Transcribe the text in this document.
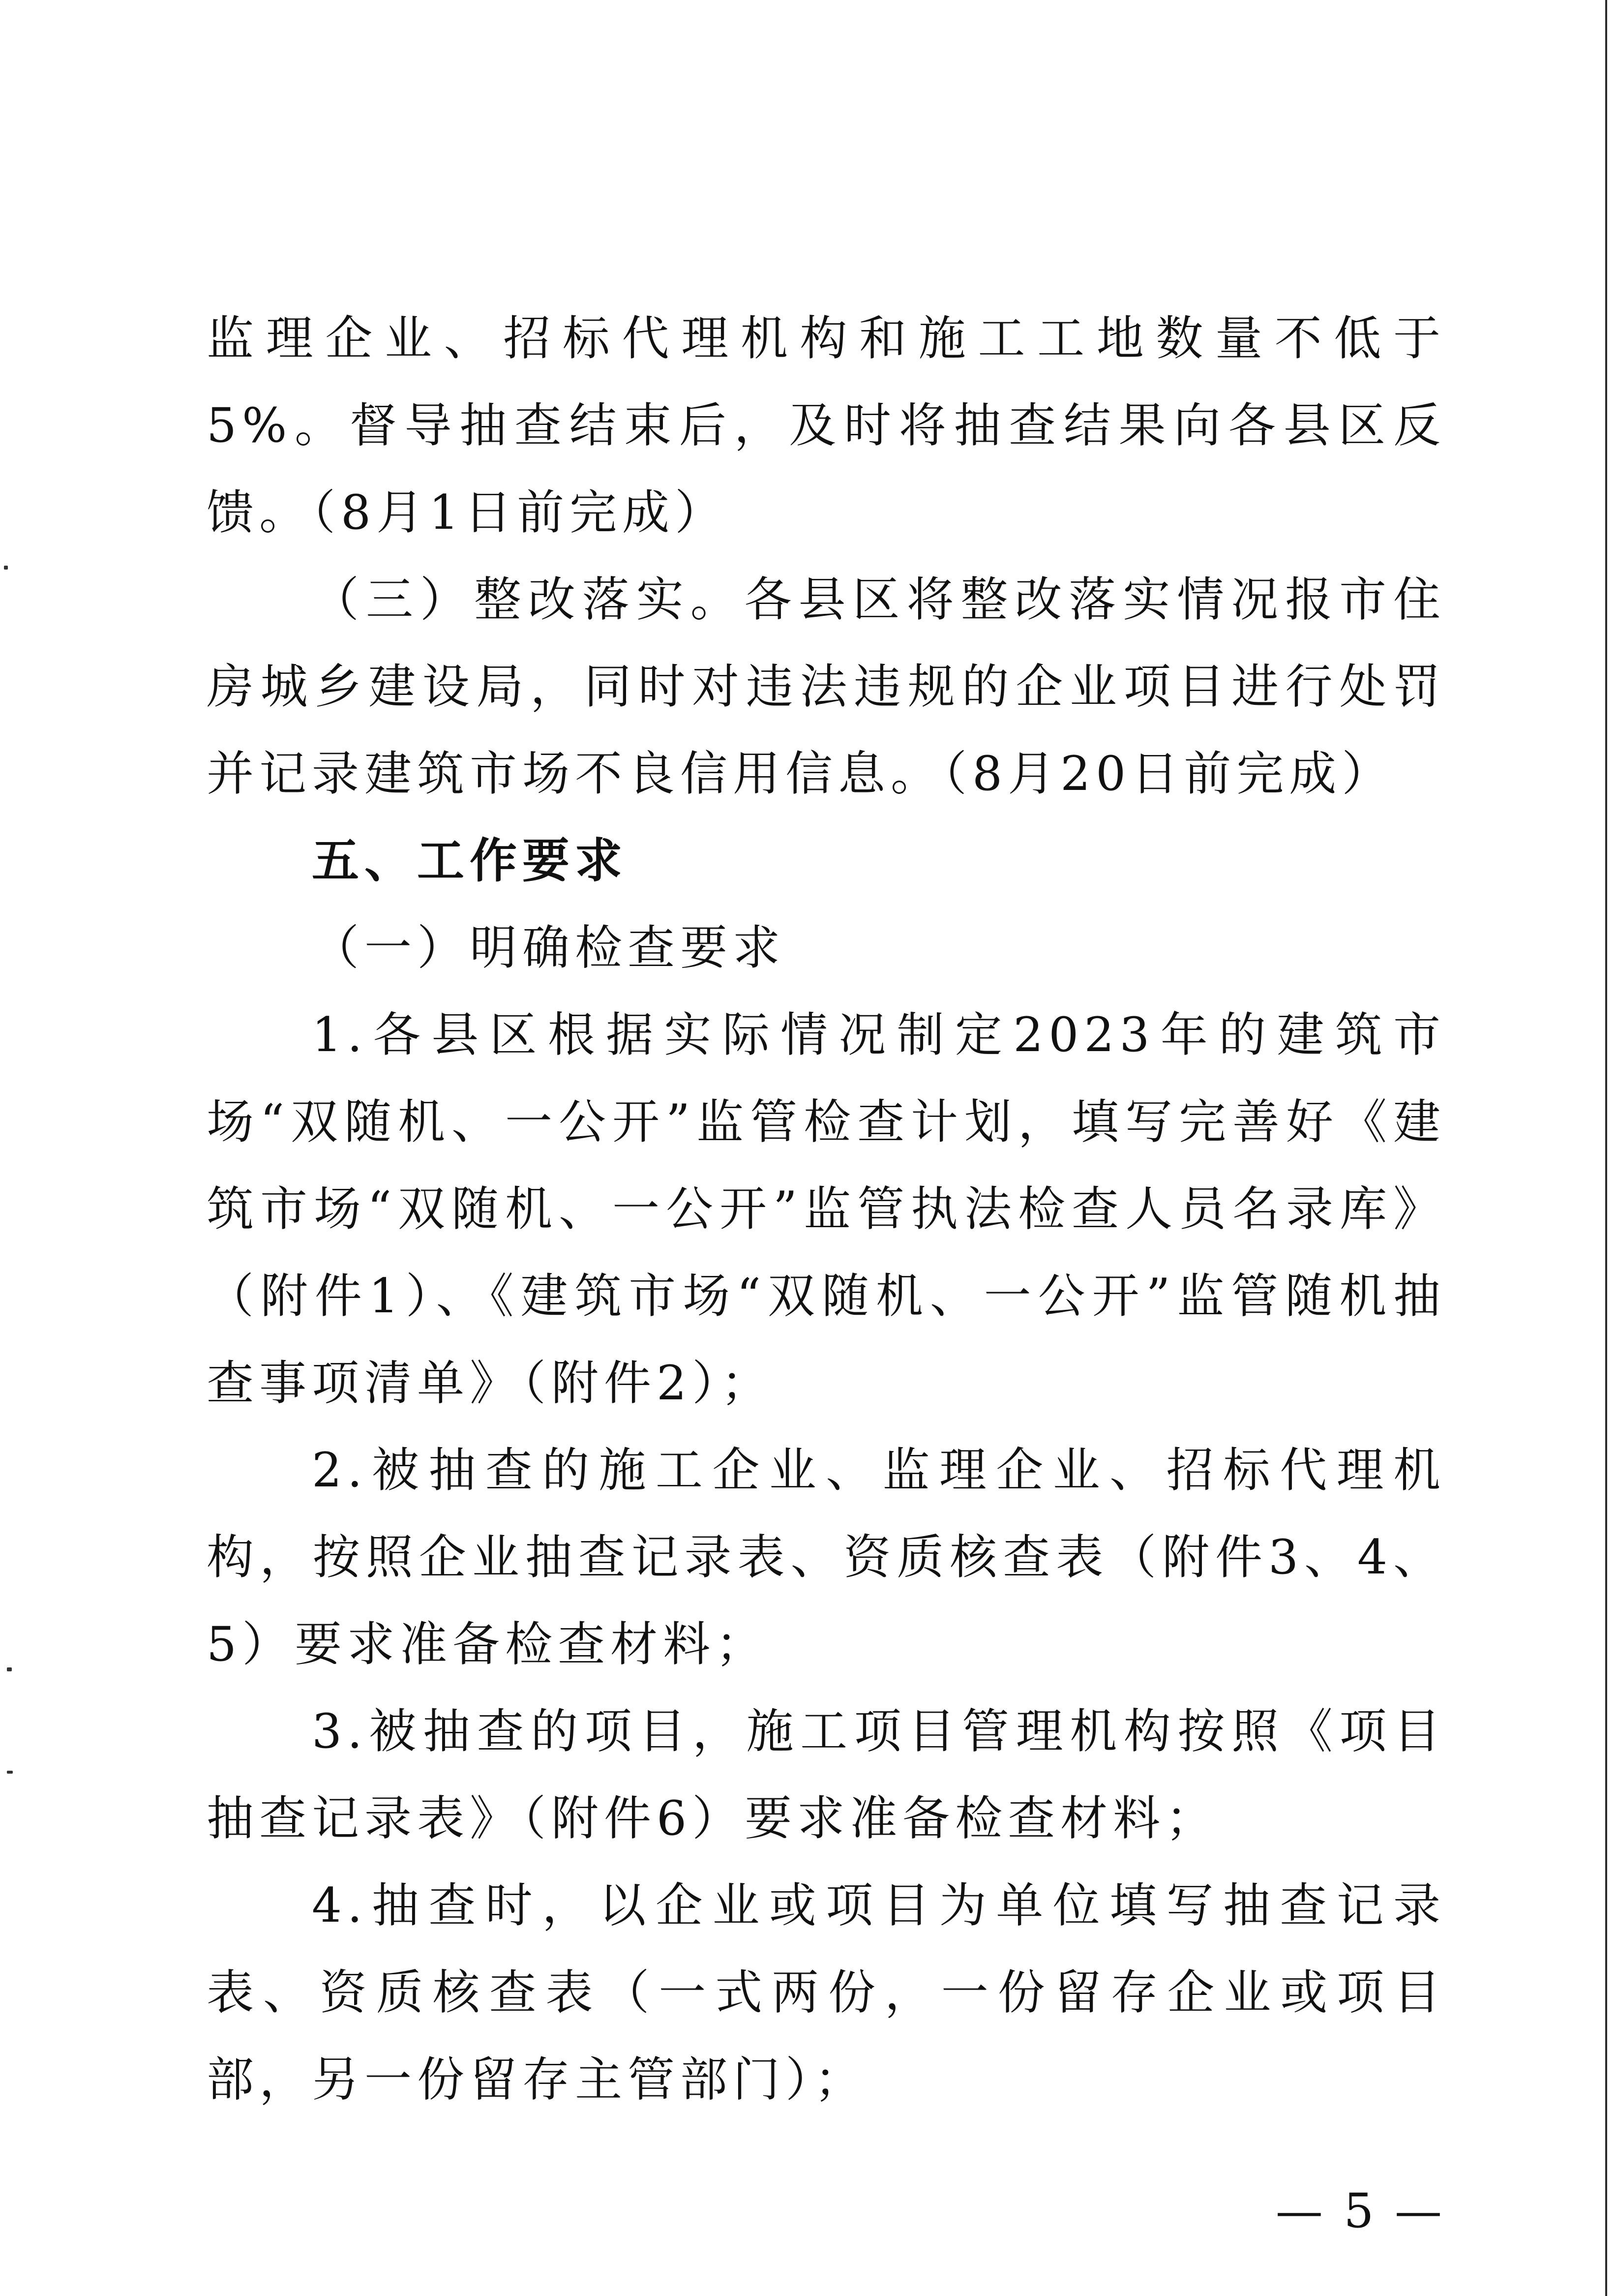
监理企业、招标代理机构和施工工地数量不低于5%。督导抽查结束后，及时将抽查结果向各县区反馈。（8月1日前完成）

（三）整改落实。各县区将整改落实情况报市住房城乡建设局，同时对违法违规的企业项目进行处罚并记录建筑市场不良信用信息。（8月20日前完成）

五、工作要求

（一）明确检查要求

1.各县区根据实际情况制定2023年的建筑市场“双随机、一公开”监管检查计划，填写完善好《建筑市场“双随机、一公开”监管执法检查人员名录库》（附件1）、《建筑市场“双随机、一公开”监管随机抽查事项清单》（附件2）；

2.被抽查的施工企业、监理企业、招标代理机构，按照企业抽查记录表、资质核查表（附件3、4、5）要求准备检查材料；

3.被抽查的项目，施工项目管理机构按照《项目抽查记录表》（附件6）要求准备检查材料；

4.抽查时，以企业或项目为单位填写抽查记录表、资质核查表（一式两份，一份留存企业或项目部，另一份留存主管部门）；

— 5 —
